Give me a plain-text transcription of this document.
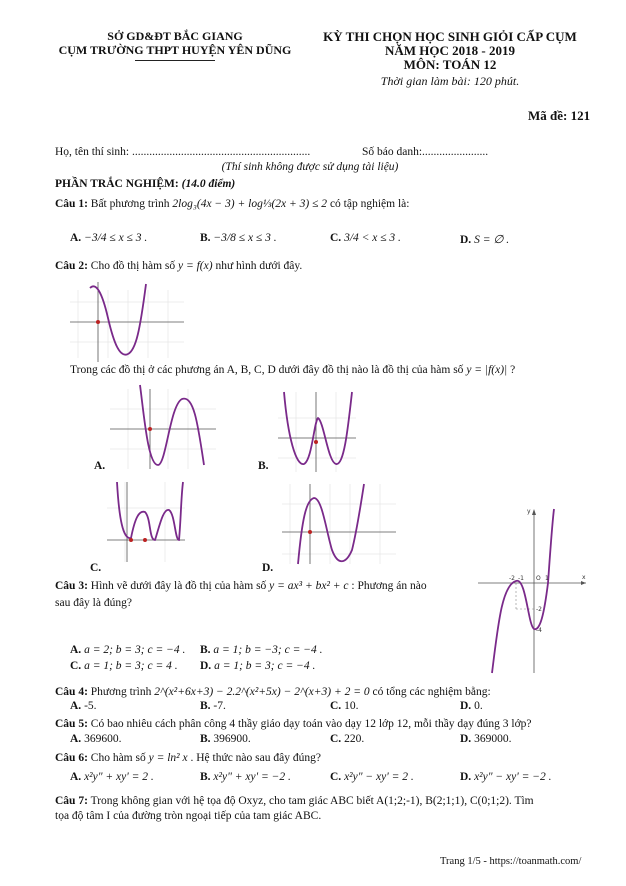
SỞ GD&ĐT BẮC GIANG
CỤM TRƯỜNG THPT HUYỆN YÊN DŨNG
KỲ THI CHỌN HỌC SINH GIỎI CẤP CỤM
NĂM HỌC 2018 - 2019
MÔN: TOÁN 12
Thời gian làm bài: 120 phút.
Mã đề: 121
Họ, tên thí sinh: ..............................................................	Số báo danh:.......................
(Thí sinh không được sử dụng tài liệu)
PHẦN TRẮC NGHIỆM: (14.0 điểm)
Câu 1: Bất phương trình 2log₃(4x − 3) + log⅓(2x + 3) ≤ 2 có tập nghiệm là:
A. −3/4 ≤ x ≤ 3 .	B. −3/8 ≤ x ≤ 3 .	C. 3/4 < x ≤ 3 .	D. S = ∅ .
Câu 2: Cho đồ thị hàm số y = f(x) như hình dưới đây.
Trong các đồ thị ở các phương án A, B, C, D dưới đây đồ thị nào là đồ thị của hàm số y = |f(x)| ?
A.	B.
C.	D.
Câu 3: Hình vẽ dưới đây là đồ thị của hàm số y = ax³ + bx² + c : Phương án nào
sau đây là đúng?
y
x
-2	O 1
-1
-2
-4
A. a = 2; b = 3; c = −4 . B. a = 1; b = −3; c = −4 .
C. a = 1; b = 3; c = 4 . D. a = 1; b = 3; c = −4 .
Câu 4: Phương trình 2^(x²+6x+3) − 2.2^(x²+5x) − 2^(x+3) + 2 = 0 có tổng các nghiệm bằng:
A. -5.	B. -7.	C. 10.	D. 0.
Câu 5: Có bao nhiêu cách phân công 4 thầy giáo dạy toán vào dạy 12 lớp 12, mỗi thầy dạy đúng 3 lớp?
A. 369600.	B. 396900.	C. 220.	D. 369000.
Câu 6: Cho hàm số y = ln² x . Hệ thức nào sau đây đúng?
A. x²y" + xy' = 2 .	B. x²y" + xy' = −2 .	C. x²y" − xy' = 2 .	D. x²y" − xy' = −2 .
Câu 7: Trong không gian với hệ tọa độ Oxyz, cho tam giác ABC biết A(1;2;-1), B(2;1;1), C(0;1;2). Tìm
tọa độ tâm I của đường tròn ngoại tiếp của tam giác ABC.
Trang 1/5 - https://toanmath.com/
